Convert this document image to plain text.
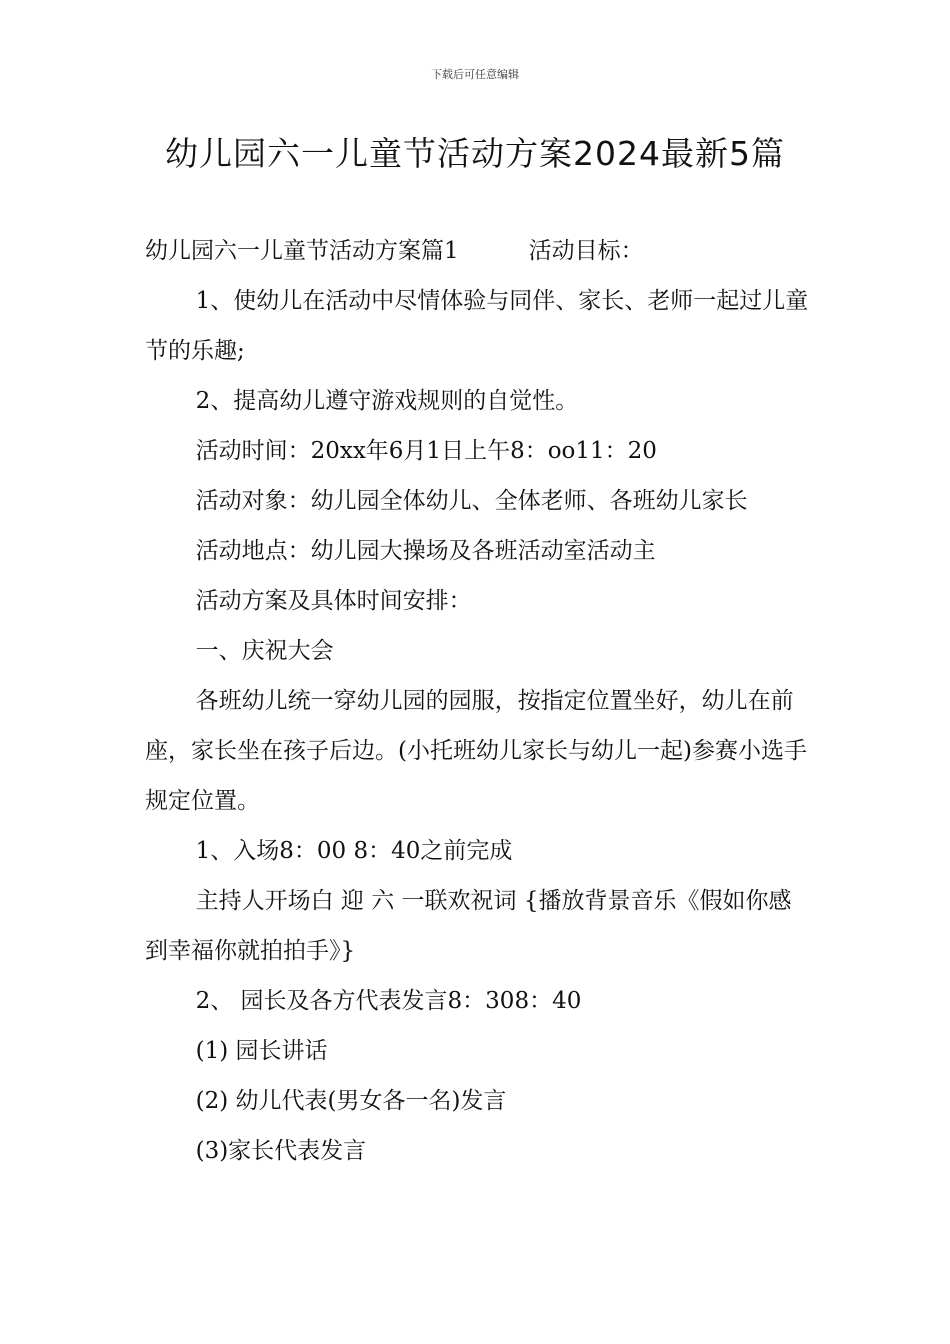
下载后可任意编辑
幼儿园六一儿童节活动方案2024最新5篇

幼儿园六一儿童节活动方案篇1	活动目标：

1、使幼儿在活动中尽情体验与同伴、家长、老师一起过儿童节的乐趣;

2、提高幼儿遵守游戏规则的自觉性。

活动时间：20xx年6月1日上午8：oo11：20

活动对象：幼儿园全体幼儿、全体老师、各班幼儿家长

活动地点：幼儿园大操场及各班活动室活动主

活动方案及具体时间安排：

一、庆祝大会

各班幼儿统一穿幼儿园的园服，按指定位置坐好，幼儿在前座，家长坐在孩子后边。(小托班幼儿家长与幼儿一起)参赛小选手规定位置。

1、入场8：00 8：40之前完成

主持人开场白 迎 六 一联欢祝词 {播放背景音乐《假如你感到幸福你就拍拍手》}

2、 园长及各方代表发言8：308：40

(1) 园长讲话

(2) 幼儿代表(男女各一名)发言

(3)家长代表发言
